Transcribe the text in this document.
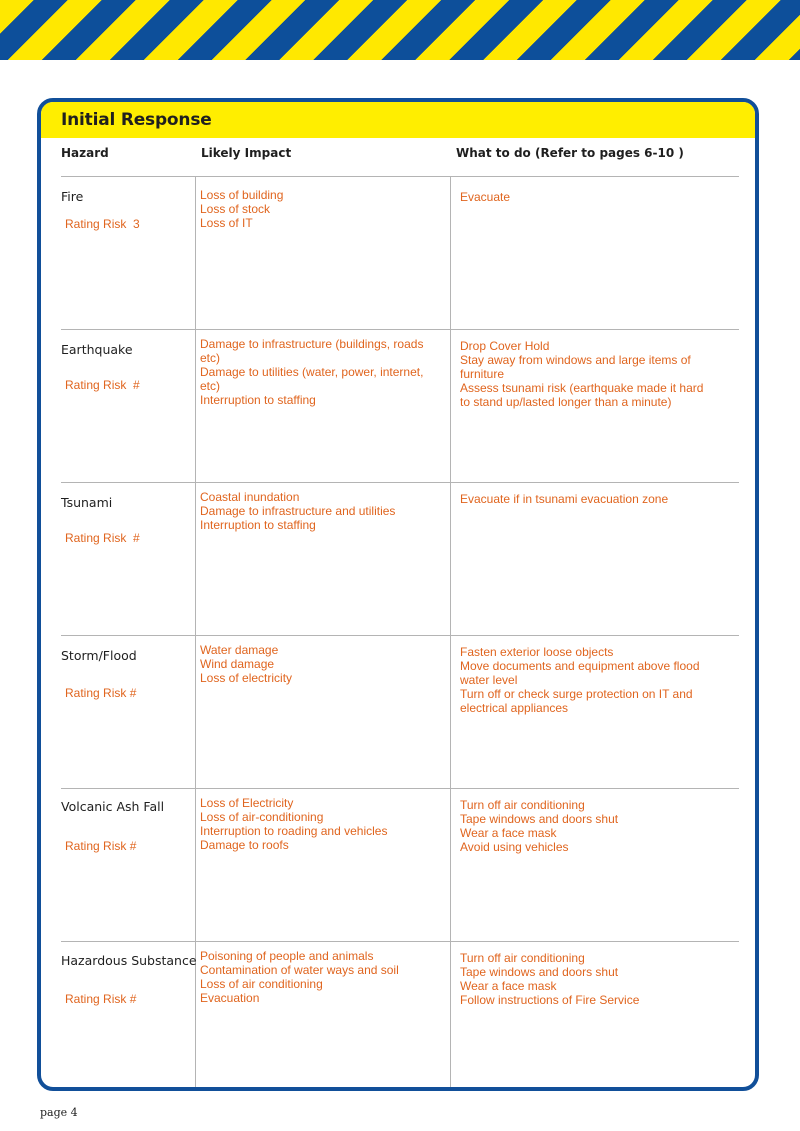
Initial Response
Hazard	Likely Impact	What to do (Refer to pages 6-10 )
Fire
Rating Risk  3
Loss of building
Loss of stock
Loss of IT
Evacuate
Earthquake
Rating Risk  #
Damage to infrastructure (buildings, roads etc)
Damage to utilities (water, power, internet, etc)
Interruption to staffing
Drop Cover Hold
Stay away from windows and large items of furniture
Assess tsunami risk (earthquake made it hard to stand up/lasted longer than a minute)
Tsunami
Rating Risk  #
Coastal inundation
Damage to infrastructure and utilities
Interruption to staffing
Evacuate if in tsunami evacuation zone
Storm/Flood
Rating Risk #
Water damage
Wind damage
Loss of electricity
Fasten exterior loose objects
Move documents and equipment above flood water level
Turn off or check surge protection on IT and electrical appliances
Volcanic Ash Fall
Rating Risk #
Loss of Electricity
Loss of air-conditioning
Interruption to roading and vehicles
Damage to roofs
Turn off air conditioning
Tape windows and doors shut
Wear a face mask
Avoid using vehicles
Hazardous Substance
Rating Risk #
Poisoning of people and animals
Contamination of water ways and soil
Loss of air conditioning
Evacuation
Turn off air conditioning
Tape windows and doors shut
Wear a face mask
Follow instructions of Fire Service
page 4
